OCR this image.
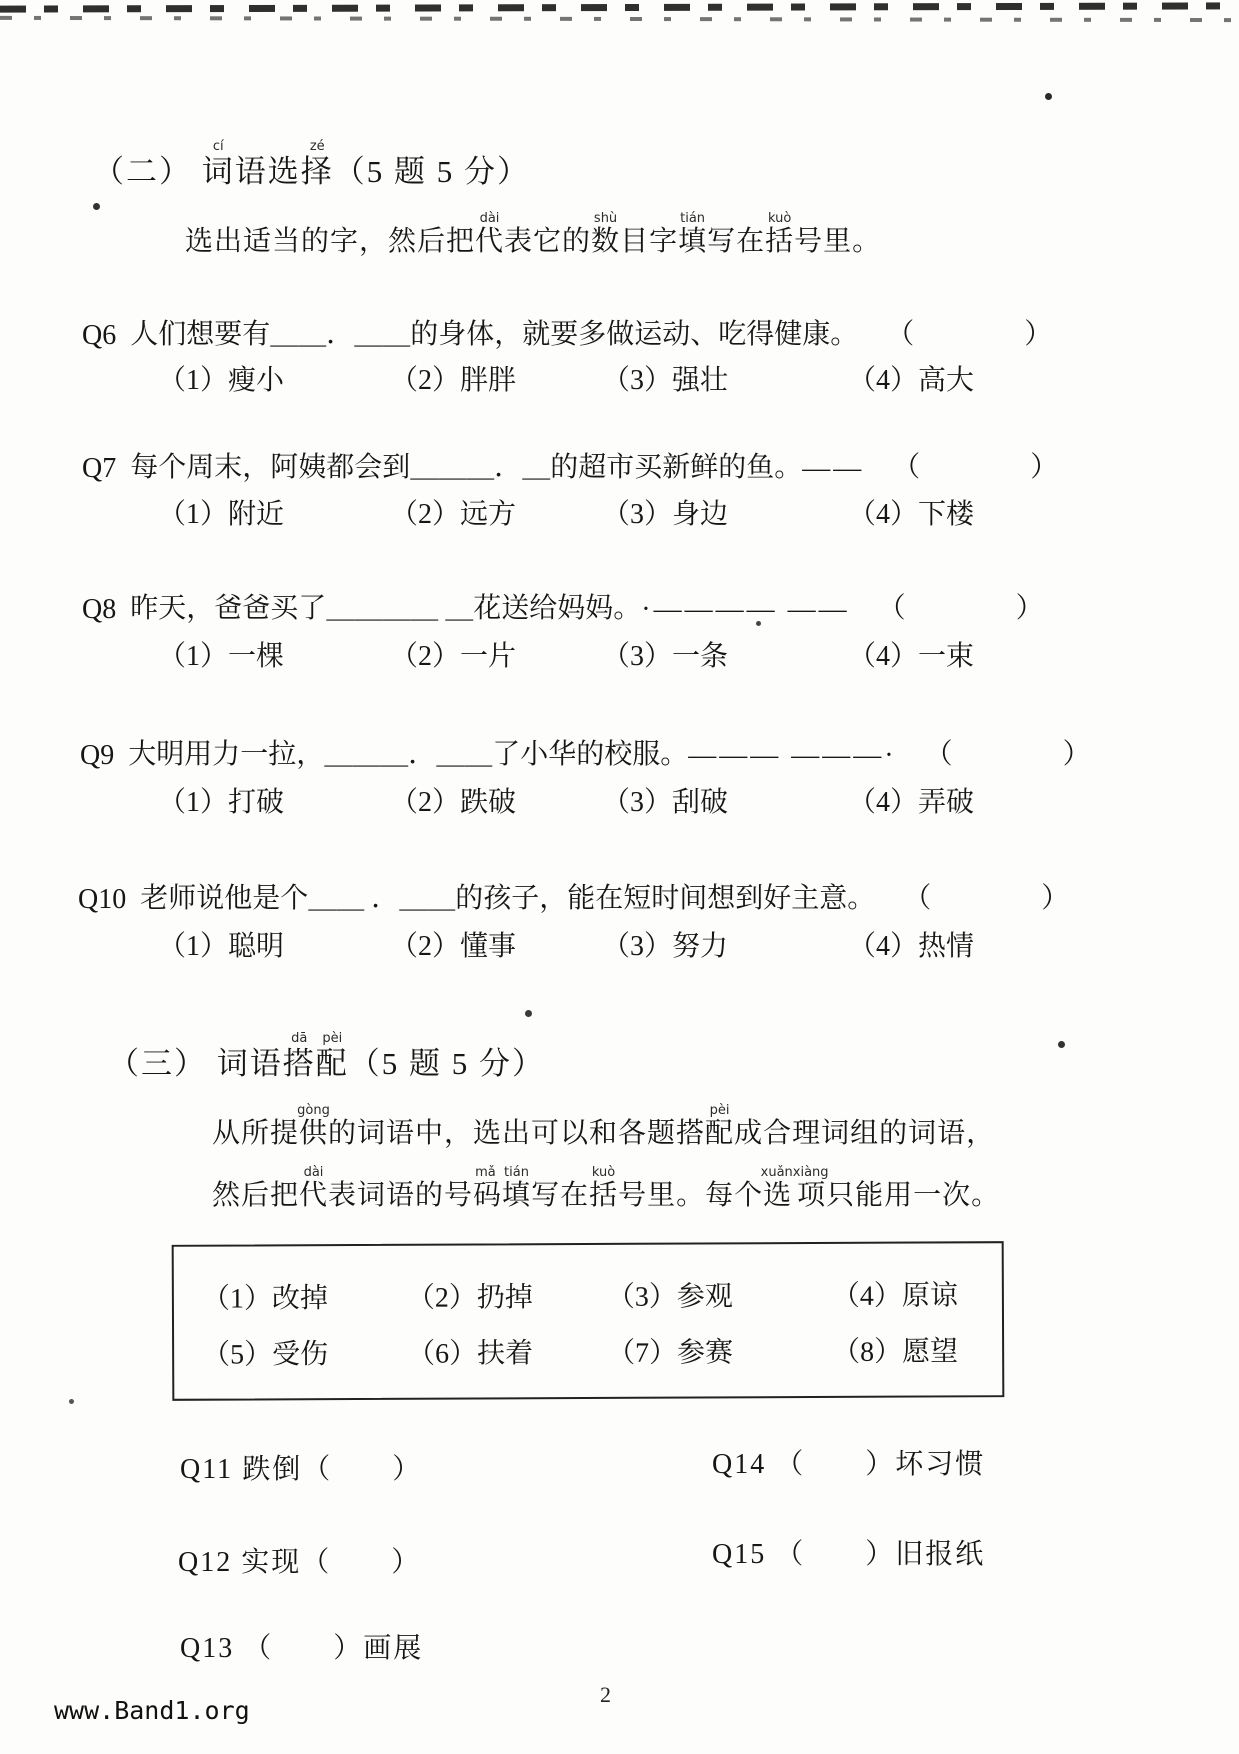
（二） 词cí语选择zé（5 题 5 分）
选出适当的字，然后把代dài表它的数shù目字填tián写在括kuò号里。
Q6 人们想要有＿＿．＿＿的身体，就要多做运动、吃得健康。 （　　）
（1）瘦小	（2）胖胖	（3）强壮	（4）高大
Q7 每个周末，阿姨都会到＿＿＿．＿的超市买新鲜的鱼。 —— （　　）
（1）附近	（2）远方	（3）身边	（4）下楼
Q8 昨天，爸爸买了＿＿＿＿ ＿花送给妈妈。 ·———— —— （　　）
（1）一棵	（2）一片	（3）一条	（4）一束
Q9 大明用力一拉，＿＿＿．＿＿了小华的校服。 ——— ———· （　　）
（1）打破	（2）跌破	（3）刮破	（4）弄破
Q10 老师说他是个＿＿ ．＿＿的孩子，能在短时间想到好主意。 （　　）
（1）聪明	（2）懂事	（3）努力	（4）热情
（三） 词语搭dā配pèi（5 题 5 分）
从所提供gòng的词语中，选出可以和各题搭配pèi成合理词组的词语，
然后把代dài表词语的号码填mǎ tián写在括kuò号里。每个选项xuǎnxiàng只能用一次。
（1）改掉	（2）扔掉	（3）参观	（4）原谅
（5）受伤	（6）扶着	（7）参赛	（8）愿望
Q11 跌倒（　　）
Q12 实现（　　）
Q13 （　　）画展
Q14 （　　）坏习惯
Q15 （　　）旧报纸
2
www.Band1.org
